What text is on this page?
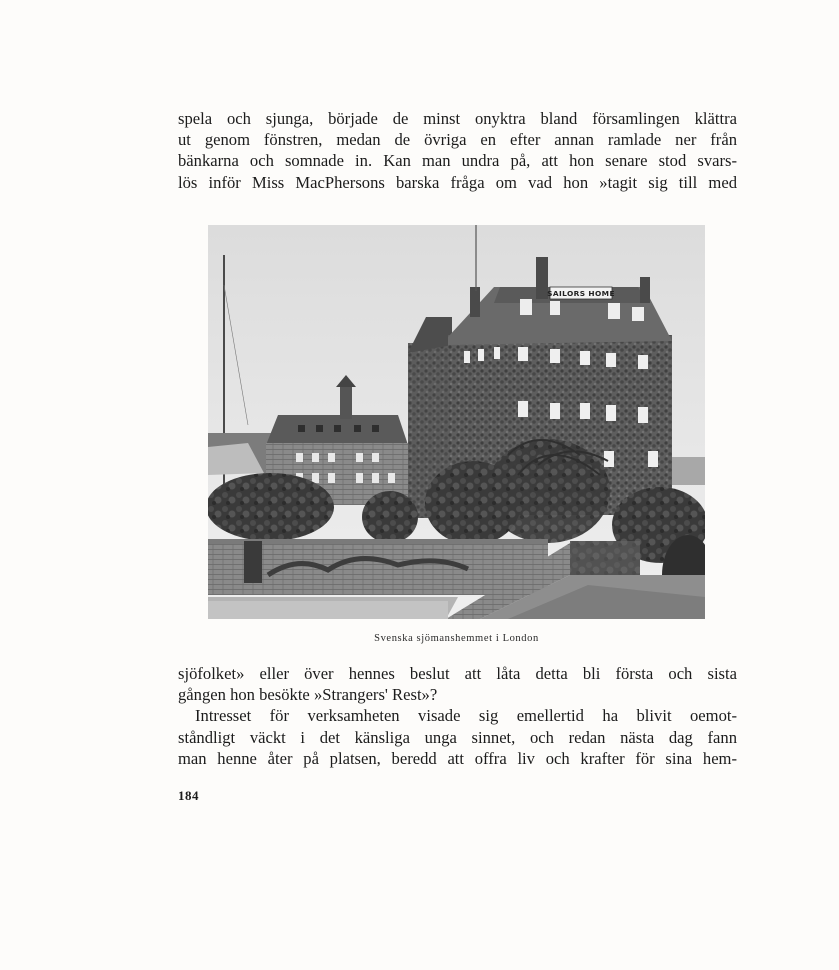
spela och sjunga, började de minst onyktra bland församlingen klättra
ut genom fönstren, medan de övriga en efter annan ramlade ner från
bänkarna och somnade in. Kan man undra på, att hon senare stod svars-
lös inför Miss MacPhersons barska fråga om vad hon »tagit sig till med
SAILORS HOME
Svenska sjömanshemmet i London
sjöfolket» eller över hennes beslut att låta detta bli första och sista
gången hon besökte »Strangers' Rest»?
Intresset för verksamheten visade sig emellertid ha blivit oemot-
ståndligt väckt i det känsliga unga sinnet, och redan nästa dag fann
man henne åter på platsen, beredd att offra liv och krafter för sina hem-
184
